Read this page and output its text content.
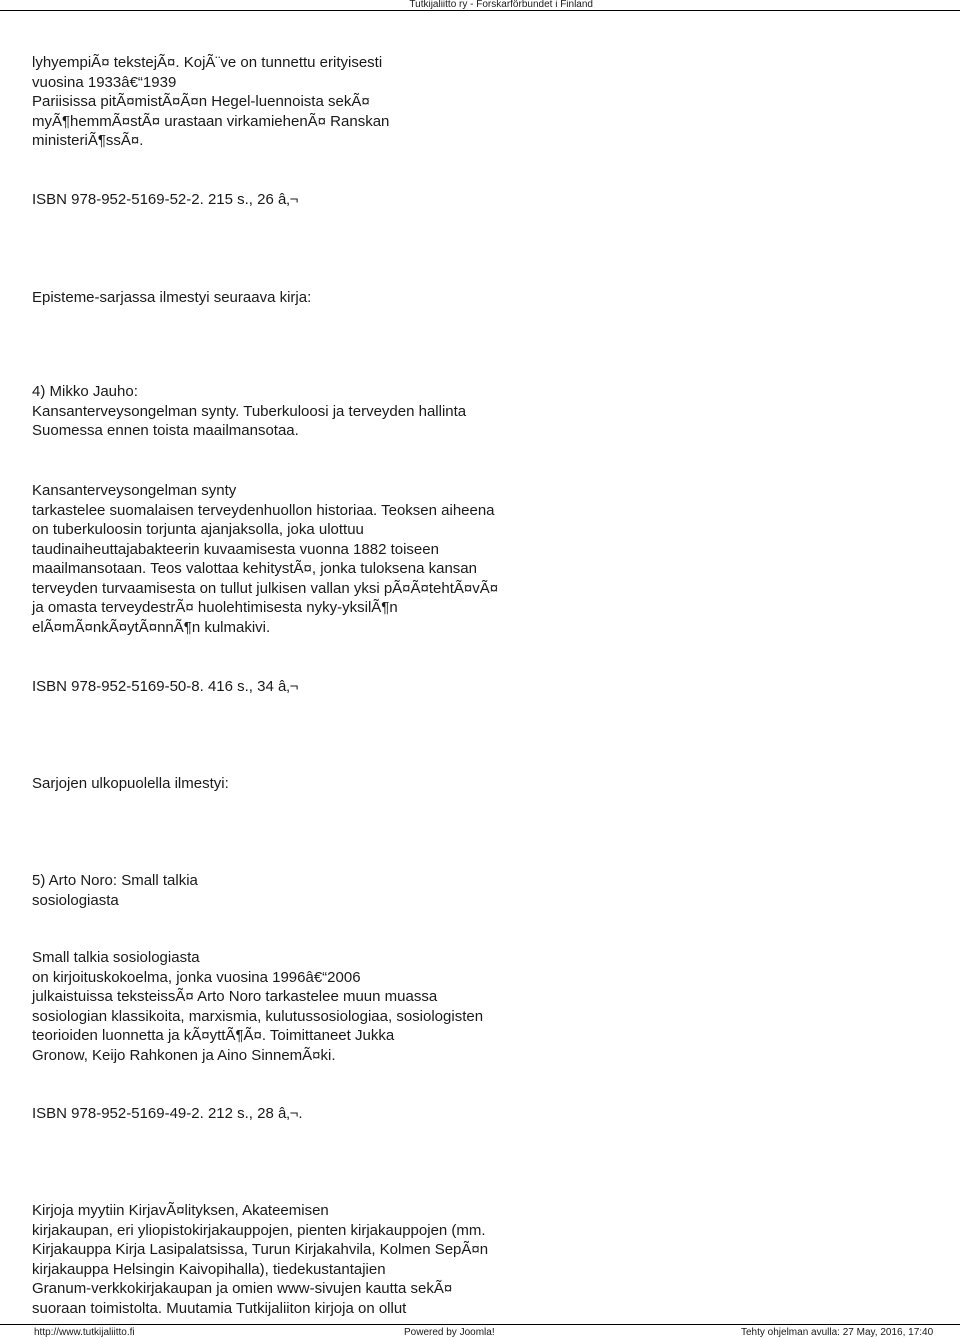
Tutkijaliitto ry - Forskarförbundet i Finland
lyhyempiÃ¤ tekstejÃ¤. KojÃ¨ve on tunnettu erityisesti
vuosina 1933â€“1939
Pariisissa pitÃ¤mistÃ¤Ã¤n Hegel-luennoista sekÃ¤
myÃ¶hemmÃ¤stÃ¤ urastaan virkamiehenÃ¤ Ranskan
ministeriÃ¶ssÃ¤.
ISBN 978-952-5169-52-2. 215 s., 26 â‚¬
Episteme-sarjassa ilmestyi seuraava kirja:
4) Mikko Jauho:
Kansanterveysongelman synty. Tuberkuloosi ja terveyden hallinta
Suomessa ennen toista maailmansotaa.
Kansanterveysongelman synty
tarkastelee suomalaisen terveydenhuollon historiaa. Teoksen aiheena
on tuberkuloosin torjunta ajanjaksolla, joka ulottuu
taudinaiheuttajabakteerin kuvaamisesta vuonna 1882 toiseen
maailmansotaan. Teos valottaa kehitystÃ¤, jonka tuloksena kansan
terveyden turvaamisesta on tullut julkisen vallan yksi pÃ¤Ã¤tehtÃ¤vÃ¤
ja omasta terveydestrÃ¤ huolehtimisesta nyky-yksilÃ¶n
elÃ¤mÃ¤nkÃ¤ytÃ¤nnÃ¶n kulmakivi.
ISBN 978-952-5169-50-8. 416 s., 34 â‚¬
Sarjojen ulkopuolella ilmestyi:
5) Arto Noro: Small talkia
sosiologiasta
Small talkia sosiologiasta
on kirjoituskokoelma, jonka vuosina 1996â€“2006
julkaistuissa teksteissÃ¤ Arto Noro tarkastelee muun muassa
sosiologian klassikoita, marxismia, kulutussosiologiaa, sosiologisten
teorioiden luonnetta ja kÃ¤yttÃ¶Ã¤. Toimittaneet Jukka
Gronow, Keijo Rahkonen ja Aino SinnemÃ¤ki.
ISBN 978-952-5169-49-2. 212 s., 28 â‚¬.
Kirjoja myytiin KirjavÃ¤lityksen, Akateemisen
kirjakaupan, eri yliopistokirjakauppojen, pienten kirjakauppojen (mm.
Kirjakauppa Kirja Lasipalatsissa, Turun Kirjakahvila, Kolmen SepÃ¤n
kirjakauppa Helsingin Kaivopihalla), tiedekustantajien
Granum-verkkokirjakaupan ja omien www-sivujen kautta sekÃ¤
suoraan toimistolta. Muutamia Tutkijaliiton kirjoja on ollut
http://www.tutkijaliitto.fi	Powered by Joomla!	Tehty ohjelman avulla: 27 May, 2016, 17:40
